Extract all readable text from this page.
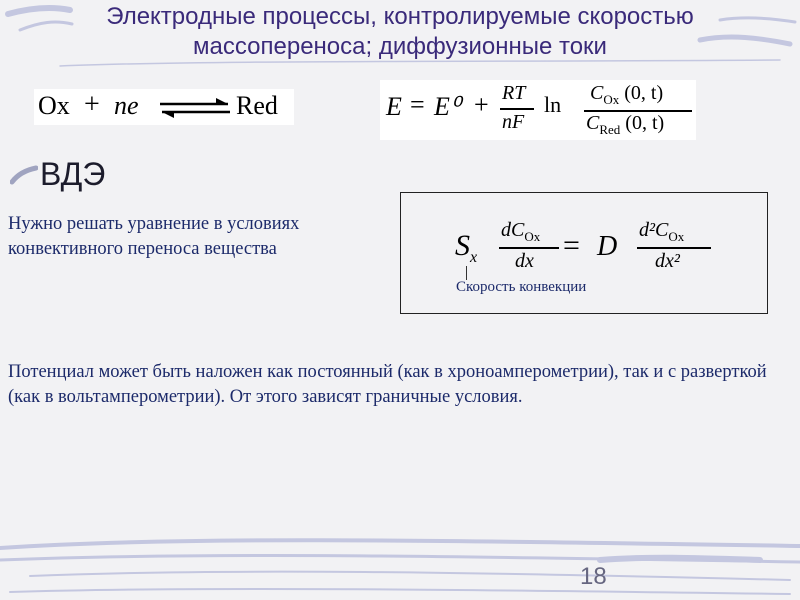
Электродные процессы, контролируемые скоростью массопереноса; диффузионные токи
Ox + ne	Red	E = E⁰ + RT
nF
$\ln C_{Ox}$ (0, t)
$C_{Red}$ (0, t)
ВДЭ

Нужно решать уравнение в условиях конвективного переноса вещества	$S_x$
$dC_{Ox}$
dx = D
$d^2C_{Ox}$
dx²
Скорость конвекции

Потенциал может быть наложен как постоянный (как в хроноамперометрии), так и с разверткой (как в вольтамперометрии). От этого зависят граничные условия.

18
